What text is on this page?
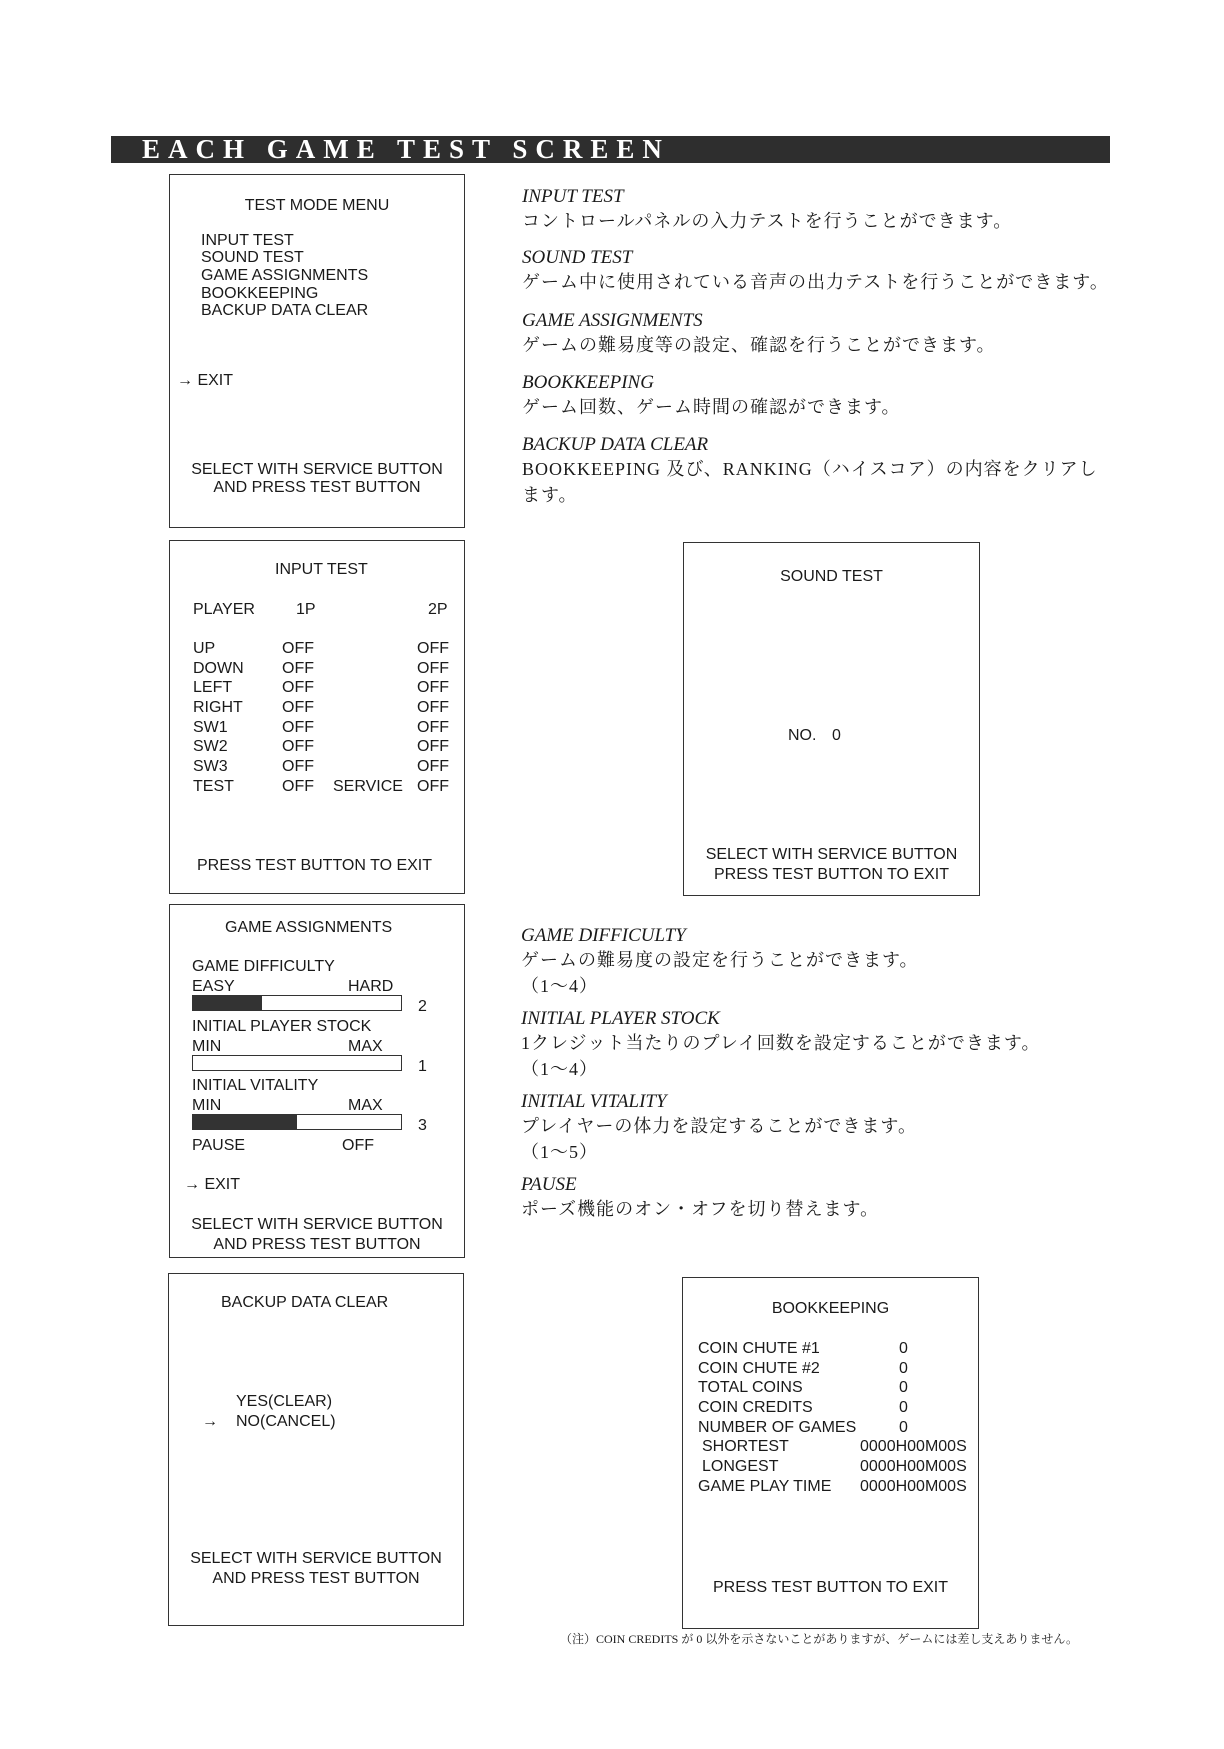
EACH GAME TEST SCREEN
TEST MODE MENU
INPUT TEST
SOUND TEST
GAME ASSIGNMENTS
BOOKKEEPING
BACKUP DATA CLEAR
→ EXIT
SELECT WITH SERVICE BUTTON
AND PRESS TEST BUTTON
INPUT TEST
コントロールパネルの入力テストを行うことができます。
SOUND TEST
ゲーム中に使用されている音声の出力テストを行うことができます。
GAME ASSIGNMENTS
ゲームの難易度等の設定、確認を行うことができます。
BOOKKEEPING
ゲーム回数、ゲーム時間の確認ができます。
BACKUP DATA CLEAR
BOOKKEEPING 及び、RANKING（ハイスコア）の内容をクリアし
ます。
INPUT TEST
PLAYER	1P	2P
UP	OFF	OFF
DOWN OFF	OFF
LEFT	OFF	OFF
RIGHT OFF	OFF
SW1	OFF	OFF
SW2	OFF	OFF
SW3	OFF	OFF
TEST	OFF SERVICE OFF
PRESS TEST BUTTON TO EXIT
SOUND TEST
NO. 0
SELECT WITH SERVICE BUTTON
PRESS TEST BUTTON TO EXIT
GAME ASSIGNMENTS
GAME DIFFICULTY
EASY	HARD
2
INITIAL PLAYER STOCK
MIN	MAX
1
INITIAL VITALITY
MIN	MAX
3
PAUSE	OFF
→ EXIT
SELECT WITH SERVICE BUTTON
AND PRESS TEST BUTTON
GAME DIFFICULTY
ゲームの難易度の設定を行うことができます。
（1～4）
INITIAL PLAYER STOCK
1クレジット当たりのプレイ回数を設定することができます。
（1～4）
INITIAL VITALITY
プレイヤーの体力を設定することができます。
（1～5）
PAUSE
ポーズ機能のオン・オフを切り替えます。
BACKUP DATA CLEAR
YES(CLEAR)
→ NO(CANCEL)
SELECT WITH SERVICE BUTTON
AND PRESS TEST BUTTON
BOOKKEEPING
COIN CHUTE #1	0
COIN CHUTE #2	0
TOTAL COINS	0
COIN CREDITS	0
NUMBER OF GAMES	0
SHORTEST	0000H00M00S
LONGEST	0000H00M00S
GAME PLAY TIME 0000H00M00S
PRESS TEST BUTTON TO EXIT
（注）COIN CREDITS が 0 以外を示さないことがありますが、ゲームには差し支えありません。
